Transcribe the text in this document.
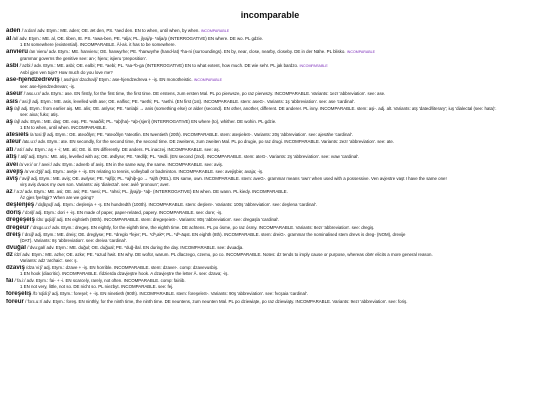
incomparable
áden /ˈaːdɛn/ adv. Etym.: ME. aden; OE. æt den, PS. *aed den. EN to when, until when, by when. INCOMPARABLE
al /al/ adv. Etym.: ME. al, OE. tiben, IE. PS. *awa-ben, PE. *alja; PL. jlyaj/p- *alja/p (INTERROGATIVE) EN where. DE wo. PL gdzie.
1 EN somewhere (existential). INCOMPARABLE. Āl-aṡ. it has to be somewhere.
anvieru /anˈvieru/ adv. Etym.: ME. hanvieru; OE. hanwyrhe; PE. *hanwyrhe (hand-lat) *ha-ni (surroundings). EN by, near, close, nearby, closeby. DE in der Nähe. PL blisko. INCOMPARABLE
grammar governs the genitive see: an-; hjeru; isjieru 'preposition'.
asbí /ˈazbiː/ adv. Etym.: ME. asbi; OE. ealbi; PE. *aebi; PL. *aa-*b-ga (INTERROGATIVE) EN to what extent, how much. DE wie sehr. PL jak bardzo. INCOMPARABLE
Asbí gjen ven tuje? How much do you love me?
ase-hjendzedrevîş /ˌasɛhjɛnˈdzɛdrɛviʃ/ Etym.: ase-hjendzedreva + -iş. EN monotheistic. INCOMPARABLE
see: ase-hjendzedrevan; -iş.
aseūr /ˈasɛ.uːr/ adv. Etym.: ase. EN firstly, for the first time, the first time. DE erstens, zum ersten Mal. PL po pierwsze, po raz pierwszy. INCOMPARABLE. Variants: 1ezr 'abbreviation'. see: ase.
asis /ˈasiːʃ/ adj. Etym.: ME. asis, levelled with ase; OE. ealfisc; PE. *aethi; PL. *aethi. (EN first (1st). INCOMPARABLE. stem: aseG-. Variants: 1ş 'abbreviation'. see: ase 'cardinal'.
aş /aʃ/ adj. Etym.: from earlier aiş. ME. alis; OE. anlyse; PE. *anlaþi → anis (something else) or alder (second). EN other, another, different. DE anderer. PL inny. INCOMPARABLE. stem: aşi-. adj. alt. Variants: atş 'dated/literary'; iuş 'dialectal (see: hata)'.
see: aixa; fuko; atiş.
aş /aʃ/ adv. Etym.: ME. daş; OE. eaş. PE. *eaaðiŝ; PL. *aþ(ha)- *aþ-(sjeri) (INTERROGATIVE) EN where (to), whither. DE wohin. PL gdzie.
1 EN to when, until when. INCOMPARABLE.
atesīels /aˈtɛsiːlʃ/ adj. Etym.: OE. ateoðlyn; PE. *ateoðlyn *ateotlin. EN twentieth (20th). INCOMPARABLE. stem: ateşieleS-. Variants: 20ş 'abbreviation'. see: ajesāhe 'cardinal'.
ateūr /atɛ.uːr/ adv. Etym.: ate. EN secondly, for the second time, the second time. DE zweitens, zum zweiten Mal. PL po drugie, po raz drugi. INCOMPARABLE. Variants: 2ezr 'abbreviation'. see: ate.
ati /ˈatiː/ adv. Etym.: aş + -i; ME. ati; OE. iti. EN differently. DE anders. PL inaczej. INCOMPARABLE. see: aş.
atiş /ˈatiʃ/ adj. Etym.: ME. atiş, levelled with aş; OE. ædlyse; PE. *ædliþ; PL. *ædli. (EN second (2nd). INCOMPARABLE. stem: ateG-. Variants: 2ş 'abbreviation'. see: ıvaw 'cardinal'.
aveī /aˈveːi/ or /ˈaveiː/ adv. Etym.: adverb of aviş. EN in the same way, the same. INCOMPARABLE. see: aviş.
avējiş /aˈveːdʒiʃ/ adj. Etym.: avēje + -iş. EN relating to tennis, volleyball or badminton. INCOMPARABLE. see: avejişbie; avaja; -iş.
aviş /ˈaviʃ/ adj. Etym.: ME. aviş; OE. awlyse; PE. *ajfiþ; PL. *ajhiþ-go → *ajth (REL). EN same, own. INCOMPARABLE. stem: aveG-. grammar means 'own' when used with a possessive. Ven avjestre vaşt I have the same one!
virş aviş dvaos my own son. Variants: aiş 'dialectal'. see: aviê 'pronoun'; aveī.
āz /ˈaːz/ adv. Etym.: ME. asi; OE. asi; PE. *aesi; PL. *ahsi; PL. jlyaj/p- *aþ- (INTERROGATIVE) EN when. DE wann. PL kiedy. INCOMPARABLE.
Āz gjes fyeśīgjr? When are we going?
deşlenjeş /ˈdɛʃlɛɲɛʃ/ adj. Etym.: deşlenja + -ş. EN hundredth (100th). INCOMPARABLE. stem: deşlenI-. Variants: 100ş 'abbreviation'. see: deşlena 'cardinal'.
doriş /ˈdɔriʃ/ adj. Etym.: dori + -iş. EN made of paper, paper-related, papery. INCOMPARABLE. see: dore; -iş.
dregeşeiş /drɛˈɡɛʃɛiʃ/ adj. EN eightieth (80th). INCOMPARABLE. stem: dregeşeieS-. Variants: 80ş 'abbreviation'. see: dregaşla 'cardinal'.
dregeūr /ˈdrɛɡɛ.uːr/ adv. Etym.: dregeş. EN eightly, for the eighth time, the eighth time. DE achtens. PL po ósme, po raz ósmy. INCOMPARABLE. Variants: 8ezr 'abbreviation'. see: dregiş.
dreiş /ˈdrɛiʃ/ adj. Etym.: ME. dreiş; OE. dreglyse; PE. *dreglo *fejer; PL. *dʰ₁akʷ; PL. *dʰ-äqst. EN eighth (8th). INCOMPARABLE. stem: dreiG-. grammar the nominalised stem drevs is dreg- (NOM), drevije
(DAT). Variants: 8ş 'abbreviation'. see: dreiva 'cardinal'.
dvūğal /ˈdvuːɡal/ adv. Etym.: ME. duğul; OE. duğual; PE. *duğ-ðal. EN during the day. INCOMPARABLE. see: dvuadja.
dz /dz/ adv. Etym.: ME. azhe; OE. azke; PE. *azud hwit. EN why. DE wofür, warum. PL dlaczego, czemu, po co. INCOMPARABLE. Notes: dz tends to imply cause or purpose, whereas obēr elicits a more general reason.
Variants: adz 'archaic'. see: ş.
dzavīş /dzaˈviːʃ/ adj. Etym.: dzave + -iş. EN horrible. INCOMPARABLE. stem: dzaveI-. comp: dzavevusbiş.
1 EN hook (diacritic). INCOMPARABLE. rîdzierda dzavjeştre hook. A dzavjeştre the letter Ā. see: dzava; -iş.
fai /ˈfa.iː/ adv. Etym.: fai- + -i. EN scarcely, rarely, not often. INCOMPARABLE. comp: fairiib.
1 EN not very, little, not so. DE nicht so. PL niezbyt. INCOMPARABLE. see: fej.
foreşelīş /fɔˈrɛʃɛliːʃ/ adj. Etym.: foreşel; + -iş. EN ninetieth (90th). INCOMPARABLE. stem: foreşeleS-. Variants: 90ş 'abbreviation'. see: fvcşaia 'cardinal'.
foreūr /ˈfɔrɛ.uːr/ adv. Etym.: foreş. EN ninthly, for the ninth time, the ninth time. DE neuntens, zum neunten Mal. PL po dziewiąte, po raz dziewiąty. INCOMPARABLE. Variants: 9ezr 'abbreviation'. see: foriş.
